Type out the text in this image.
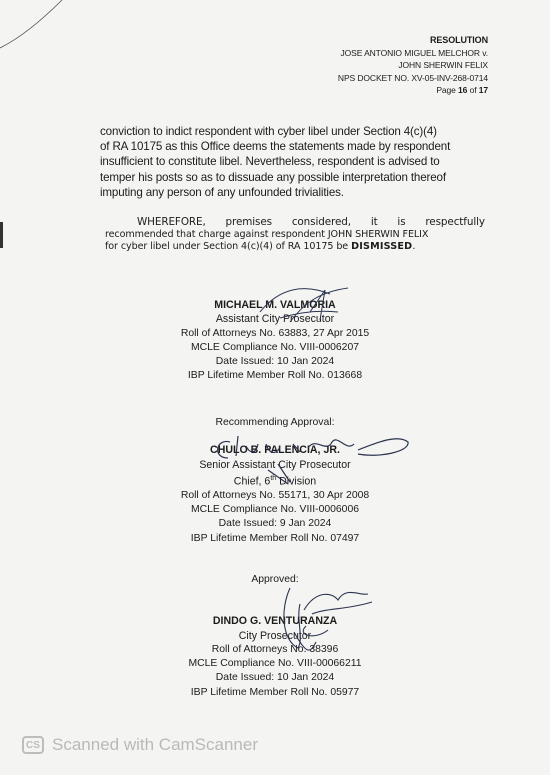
RESOLUTION
JOSE ANTONIO MIGUEL MELCHOR v.
JOHN SHERWIN FELIX
NPS DOCKET NO. XV-05-INV-268-0714
Page 16 of 17
conviction to indict respondent with cyber libel under Section 4(c)(4)
of RA 10175 as this Office deems the statements made by respondent
insufficient to constitute libel. Nevertheless, respondent is advised to
temper his posts so as to dissuade any possible interpretation thereof
imputing any person of any unfounded trivialities.
WHEREFORE, premises considered, it is respectfully
recommended that charge against respondent JOHN SHERWIN FELIX
for cyber libel under Section 4(c)(4) of RA 10175 be DISMISSED.
MICHAEL M. VALMORIA
Assistant City Prosecutor
Roll of Attorneys No. 63883, 27 Apr 2015
MCLE Compliance No. VIII-0006207
Date Issued: 10 Jan 2024
IBP Lifetime Member Roll No. 013668
Recommending Approval:
CHULO B. PALENCIA, JR.
Senior Assistant City Prosecutor
Chief, 6th Division
Roll of Attorneys No. 55171, 30 Apr 2008
MCLE Compliance No. VIII-0006006
Date Issued: 9 Jan 2024
IBP Lifetime Member Roll No. 07497
Approved:
DINDO G. VENTURANZA
City Prosecutor
Roll of Attorneys No. 38396
MCLE Compliance No. VIII-00066211
Date Issued: 10 Jan 2024
IBP Lifetime Member Roll No. 05977
CS Scanned with CamScanner
